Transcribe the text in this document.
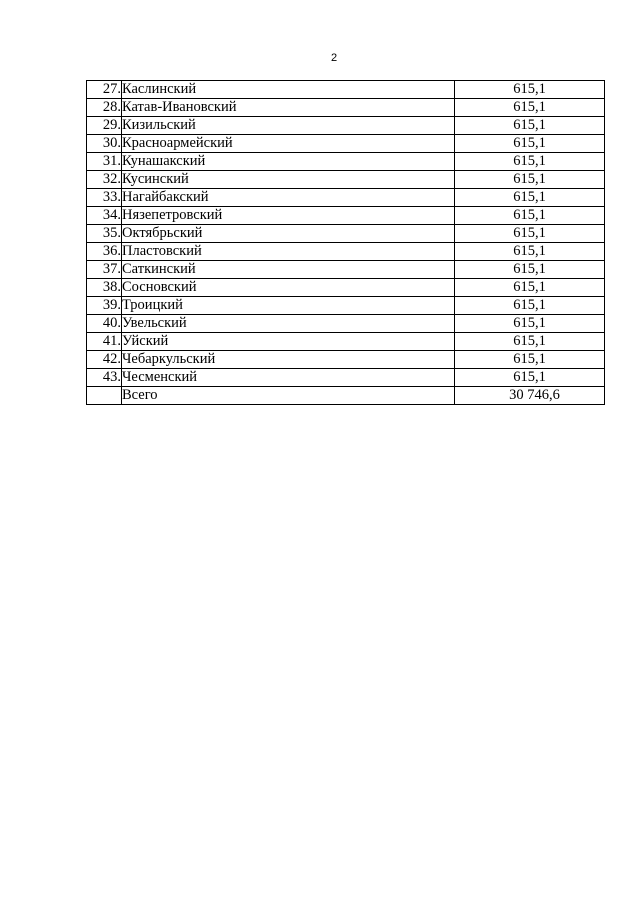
2
27.	Каслинский	615,1
28.	Катав-Ивановский	615,1
29.	Кизильский	615,1
30.	Красноармейский	615,1
31.	Кунашакский	615,1
32.	Кусинский	615,1
33.	Нагайбакский	615,1
34.	Нязепетровский	615,1
35.	Октябрьский	615,1
36.	Пластовский	615,1
37.	Саткинский	615,1
38.	Сосновский	615,1
39.	Троицкий	615,1
40.	Увельский	615,1
41.	Уйский	615,1
42.	Чебаркульский	615,1
43.	Чесменский	615,1
	Всего	30 746,6
